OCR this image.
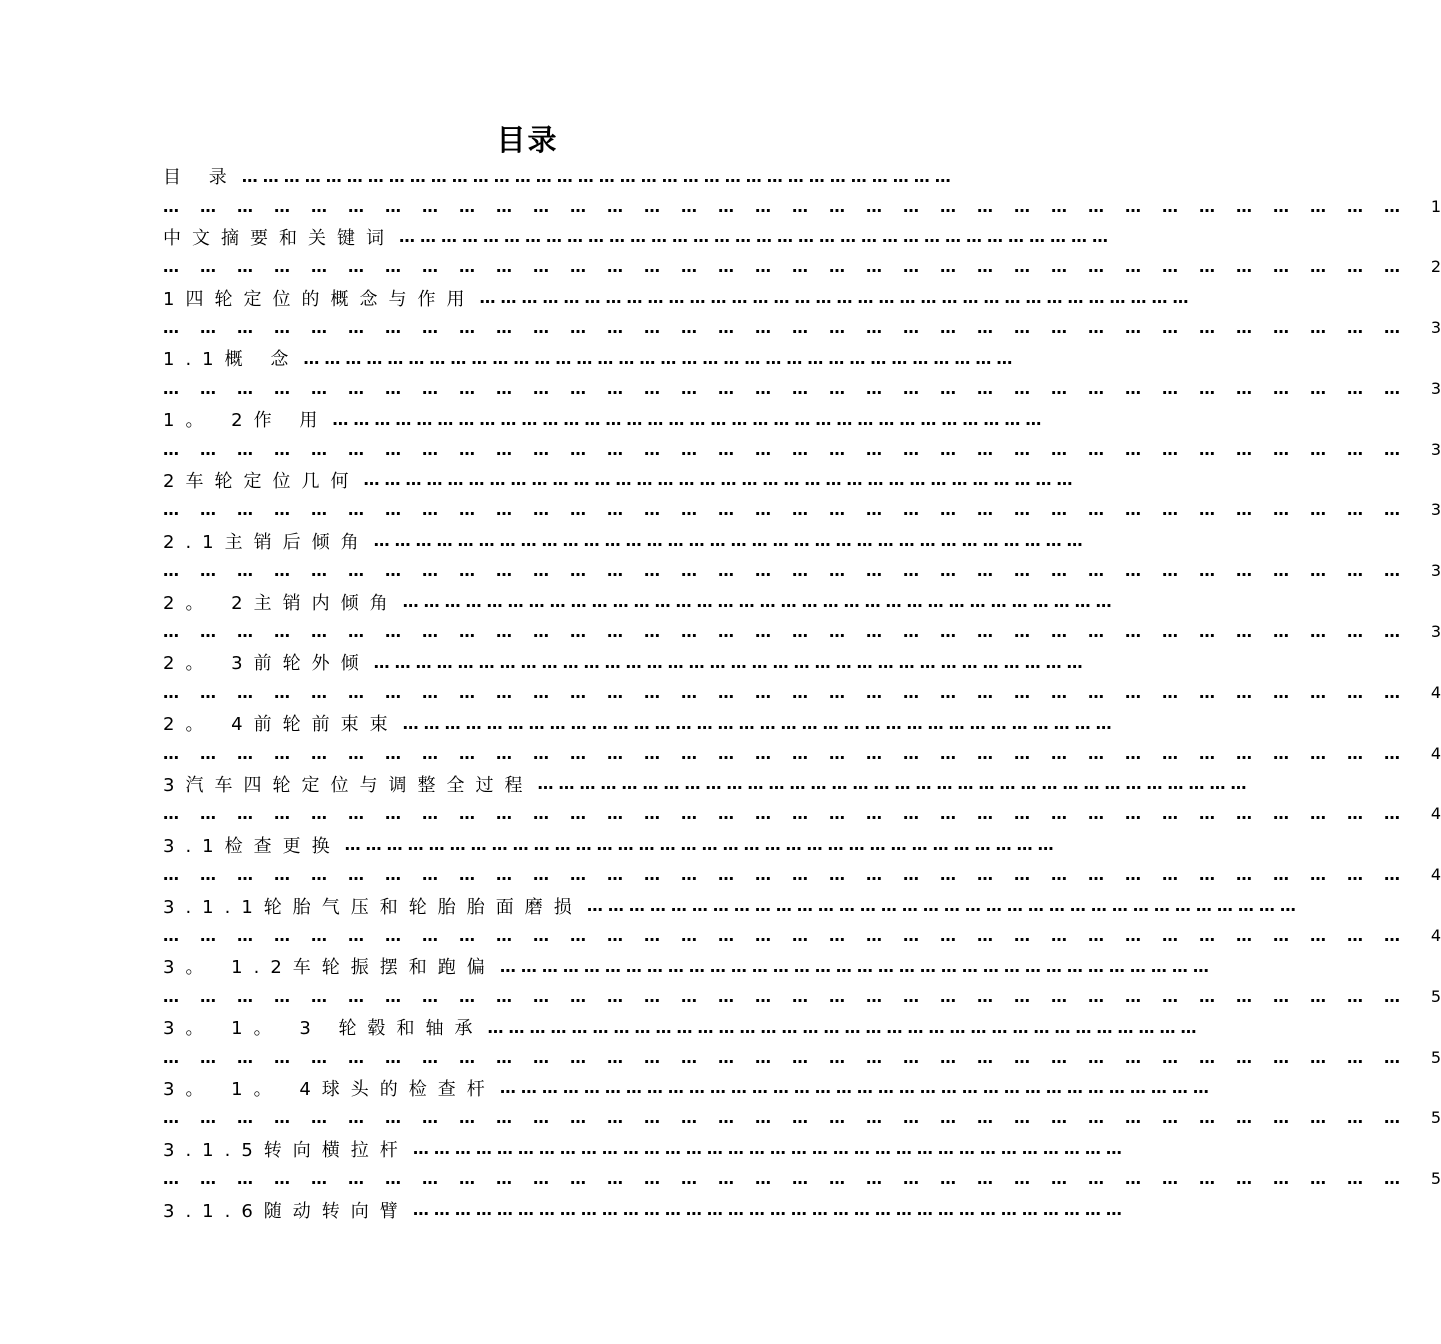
目录
目 录 …………………………………………………………………………………………
………………………………………………………………………………………… 1
中文摘要和关键词 …………………………………………………………………………………………
………………………………………………………………………………………… 2
1四轮定位的概念与作用 …………………………………………………………………………………………
………………………………………………………………………………………… 3
1.1概 念 …………………………………………………………………………………………
………………………………………………………………………………………… 3
1。 2作 用 …………………………………………………………………………………………
………………………………………………………………………………………… 3
2车轮定位几何 …………………………………………………………………………………………
………………………………………………………………………………………… 3
2.1主销后倾角 …………………………………………………………………………………………
………………………………………………………………………………………… 3
2。 2主销内倾角 …………………………………………………………………………………………
………………………………………………………………………………………… 3
2。 3前轮外倾 …………………………………………………………………………………………
………………………………………………………………………………………… 4
2。 4前轮前束束 …………………………………………………………………………………………
………………………………………………………………………………………… 4
3汽车四轮定位与调整全过程 …………………………………………………………………………………………
………………………………………………………………………………………… 4
3.1检查更换 …………………………………………………………………………………………
………………………………………………………………………………………… 4
3.1.1轮胎气压和轮胎胎面磨损 …………………………………………………………………………………………
………………………………………………………………………………………… 4
3。 1.2车轮振摆和跑偏 …………………………………………………………………………………………
………………………………………………………………………………………… 5
3。 1。 3 轮毂和轴承 …………………………………………………………………………………………
………………………………………………………………………………………… 5
3。 1。 4球头的检查杆 …………………………………………………………………………………………
………………………………………………………………………………………… 5
3.1.5转向横拉杆 …………………………………………………………………………………………
………………………………………………………………………………………… 5
3.1.6随动转向臂 …………………………………………………………………………………………
